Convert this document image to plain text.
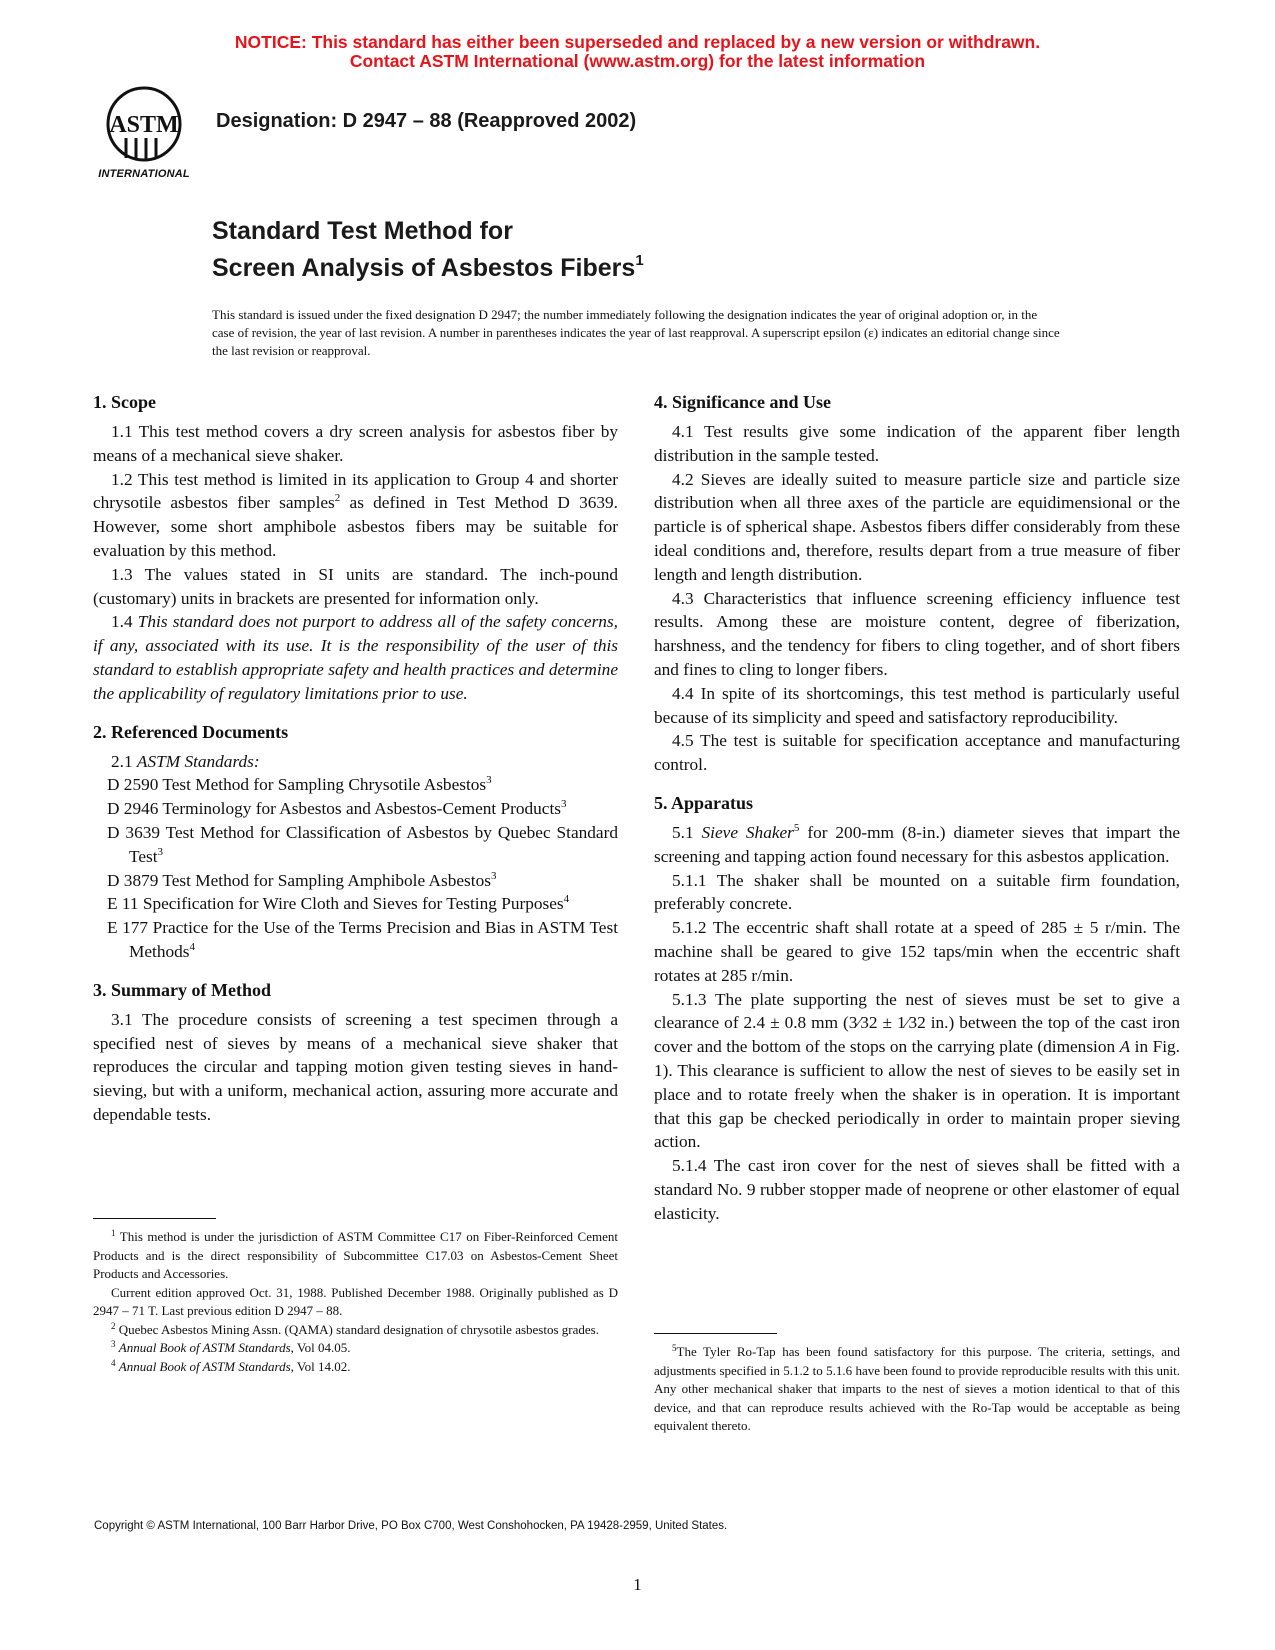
NOTICE: This standard has either been superseded and replaced by a new version or withdrawn.
Contact ASTM International (www.astm.org) for the latest information
ASTM
INTERNATIONAL
Designation: D 2947 – 88 (Reapproved 2002)
Standard Test Method for
Screen Analysis of Asbestos Fibers$^1$
This standard is issued under the fixed designation D 2947; the number immediately following the designation indicates the year of original adoption or, in the case of revision, the year of last revision. A number in parentheses indicates the year of last reapproval. A superscript epsilon (ε) indicates an editorial change since the last revision or reapproval.
1. Scope

1.1 This test method covers a dry screen analysis for asbestos fiber by means of a mechanical sieve shaker.

1.2 This test method is limited in its application to Group 4 and shorter chrysotile asbestos fiber samples$^2$ as defined in Test Method D 3639. However, some short amphibole asbestos fibers may be suitable for evaluation by this method.

1.3 The values stated in SI units are standard. The inch-pound (customary) units in brackets are presented for information only.

1.4 This standard does not purport to address all of the safety concerns, if any, associated with its use. It is the responsibility of the user of this standard to establish appropriate safety and health practices and determine the applicability of regulatory limitations prior to use.

2. Referenced Documents

2.1 ASTM Standards:

D 2590 Test Method for Sampling Chrysotile Asbestos$^3$

D 2946 Terminology for Asbestos and Asbestos-Cement Products$^3$

D 3639 Test Method for Classification of Asbestos by Quebec Standard Test$^3$

D 3879 Test Method for Sampling Amphibole Asbestos$^3$

E 11 Specification for Wire Cloth and Sieves for Testing Purposes$^4$

E 177 Practice for the Use of the Terms Precision and Bias in ASTM Test Methods$^4$

3. Summary of Method

3.1 The procedure consists of screening a test specimen through a specified nest of sieves by means of a mechanical sieve shaker that reproduces the circular and tapping motion given testing sieves in hand-sieving, but with a uniform, mechanical action, assuring more accurate and dependable tests.

$^1$ This method is under the jurisdiction of ASTM Committee C17 on Fiber-Reinforced Cement Products and is the direct responsibility of Subcommittee C17.03 on Asbestos-Cement Sheet Products and Accessories.

Current edition approved Oct. 31, 1988. Published December 1988. Originally published as D 2947 – 71 T. Last previous edition D 2947 – 88.

$^2$ Quebec Asbestos Mining Assn. (QAMA) standard designation of chrysotile asbestos grades.

$^3$ Annual Book of ASTM Standards, Vol 04.05.

$^4$ Annual Book of ASTM Standards, Vol 14.02.

4. Significance and Use

4.1 Test results give some indication of the apparent fiber length distribution in the sample tested.

4.2 Sieves are ideally suited to measure particle size and particle size distribution when all three axes of the particle are equidimensional or the particle is of spherical shape. Asbestos fibers differ considerably from these ideal conditions and, therefore, results depart from a true measure of fiber length and length distribution.

4.3 Characteristics that influence screening efficiency influence test results. Among these are moisture content, degree of fiberization, harshness, and the tendency for fibers to cling together, and of short fibers and fines to cling to longer fibers.

4.4 In spite of its shortcomings, this test method is particularly useful because of its simplicity and speed and satisfactory reproducibility.

4.5 The test is suitable for specification acceptance and manufacturing control.

5. Apparatus

5.1 Sieve Shaker$^5$ for 200-mm (8-in.) diameter sieves that impart the screening and tapping action found necessary for this asbestos application.

5.1.1 The shaker shall be mounted on a suitable firm foundation, preferably concrete.

5.1.2 The eccentric shaft shall rotate at a speed of 285 ± 5 r/min. The machine shall be geared to give 152 taps/min when the eccentric shaft rotates at 285 r/min.

5.1.3 The plate supporting the nest of sieves must be set to give a clearance of 2.4 ± 0.8 mm (3⁄32 ± 1⁄32 in.) between the top of the cast iron cover and the bottom of the stops on the carrying plate (dimension A in Fig. 1). This clearance is sufficient to allow the nest of sieves to be easily set in place and to rotate freely when the shaker is in operation. It is important that this gap be checked periodically in order to maintain proper sieving action.

5.1.4 The cast iron cover for the nest of sieves shall be fitted with a standard No. 9 rubber stopper made of neoprene or other elastomer of equal elasticity.

$^5$The Tyler Ro-Tap has been found satisfactory for this purpose. The criteria, settings, and adjustments specified in 5.1.2 to 5.1.6 have been found to provide reproducible results with this unit. Any other mechanical shaker that imparts to the nest of sieves a motion identical to that of this device, and that can reproduce results achieved with the Ro-Tap would be acceptable as being equivalent thereto.

Copyright © ASTM International, 100 Barr Harbor Drive, PO Box C700, West Conshohocken, PA 19428-2959, United States.
1
